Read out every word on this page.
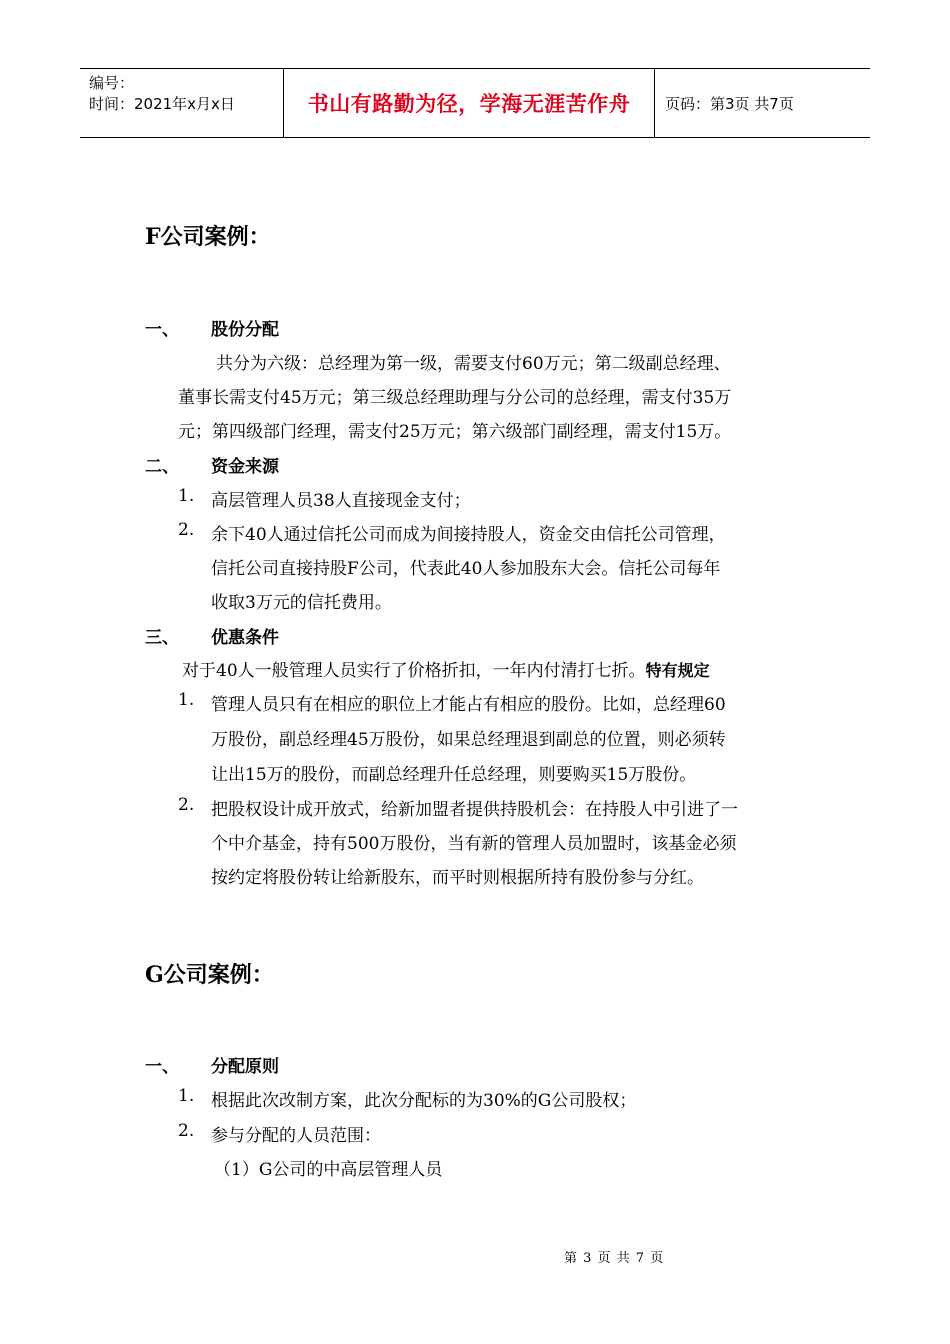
编号：
时间：2021年x月x日	书山有路勤为径，学海无涯苦作舟	页码：第3页 共7页
F公司案例：
一、 股份分配
共分为六级：总经理为第一级，需要支付60万元；第二级副总经理、
董事长需支付45万元；第三级总经理助理与分公司的总经理，需支付35万
元；第四级部门经理，需支付25万元；第六级部门副经理，需支付15万。
二、 资金来源
1. 高层管理人员38人直接现金支付；
2. 余下40人通过信托公司而成为间接持股人，资金交由信托公司管理，
信托公司直接持股F公司，代表此40人参加股东大会。信托公司每年
收取3万元的信托费用。
三、 优惠条件
对于40人一般管理人员实行了价格折扣，一年内付清打七折。特有规定
1. 管理人员只有在相应的职位上才能占有相应的股份。比如，总经理60
万股份，副总经理45万股份，如果总经理退到副总的位置，则必须转
让出15万的股份，而副总经理升任总经理，则要购买15万股份。
2. 把股权设计成开放式，给新加盟者提供持股机会：在持股人中引进了一
个中介基金，持有500万股份，当有新的管理人员加盟时，该基金必须
按约定将股份转让给新股东，而平时则根据所持有股份参与分红。
G公司案例：
一、 分配原则
1. 根据此次改制方案，此次分配标的为30%的G公司股权；
2. 参与分配的人员范围：
（1）G公司的中高层管理人员
第 3 页 共 7 页
